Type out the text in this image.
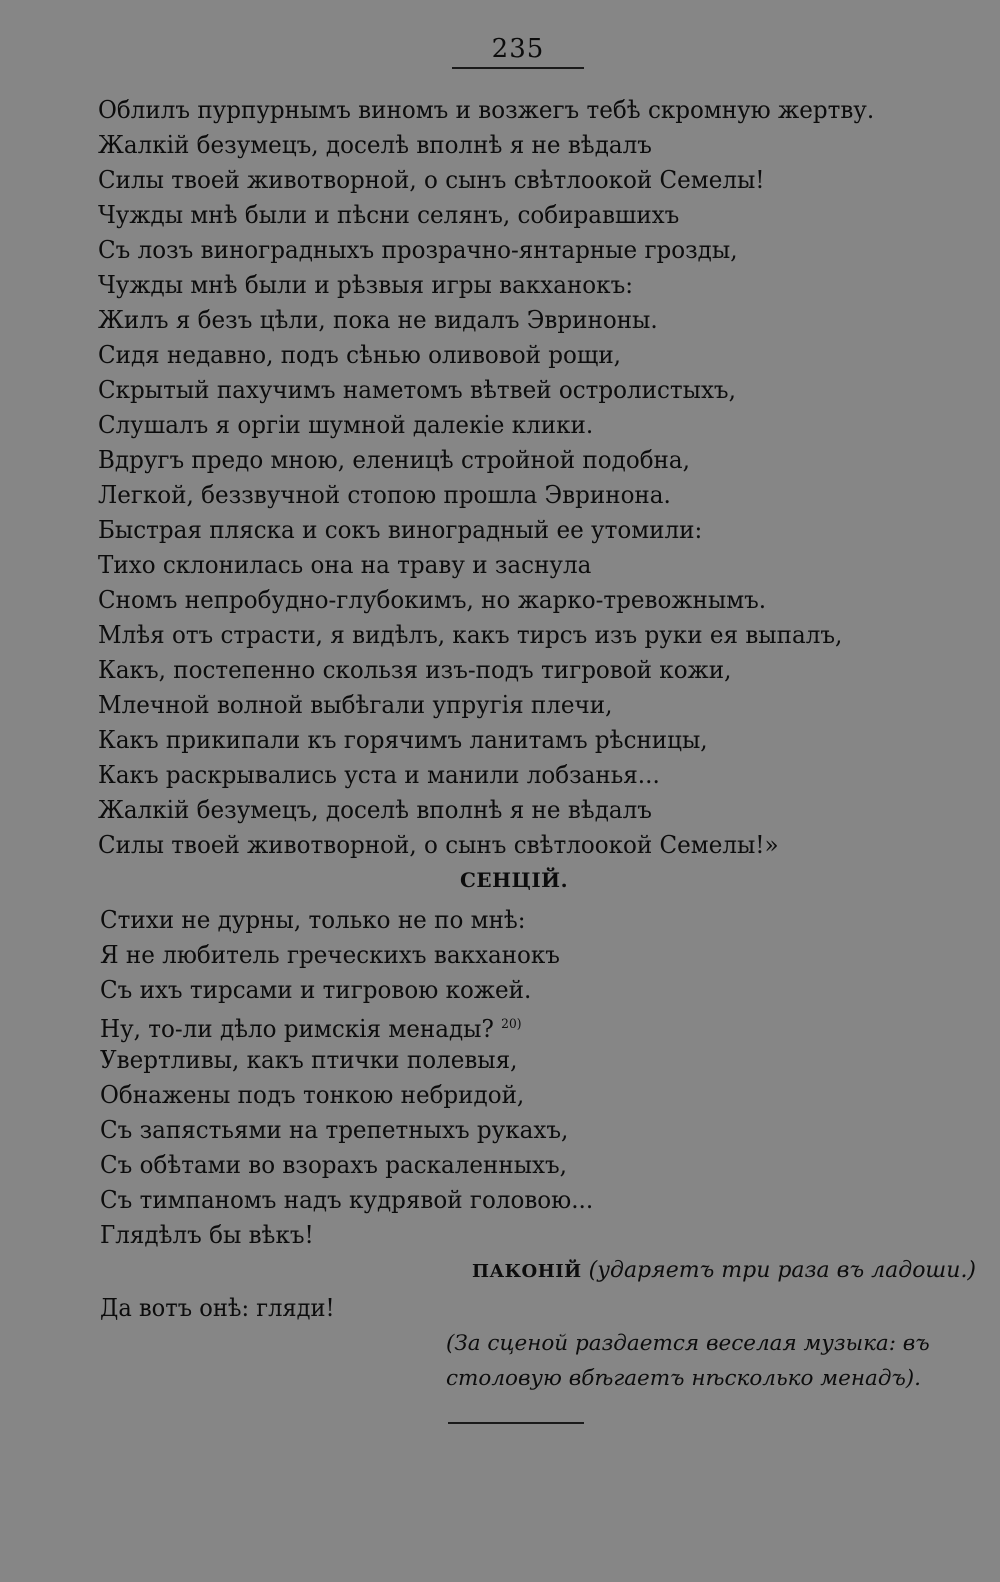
235
Облилъ пурпурнымъ виномъ и возжегъ тебѣ скромную жертву.
Жалкій безумецъ, доселѣ вполнѣ я не вѣдалъ
Силы твоей животворной, о сынъ свѣтлоокой Семелы!
Чужды мнѣ были и пѣсни селянъ, собиравшихъ
Съ лозъ виноградныхъ прозрачно-янтарные грозды,
Чужды мнѣ были и рѣзвыя игры вакханокъ:
Жилъ я безъ цѣли, пока не видалъ Эвриноны.
Сидя недавно, подъ сѣнью оливовой рощи,
Скрытый пахучимъ наметомъ вѣтвей остролистыхъ,
Слушалъ я оргіи шумной далекіе клики.
Вдругъ предо мною, еленицѣ стройной подобна,
Легкой, беззвучной стопою прошла Эвринона.
Быстрая пляска и сокъ виноградный ее утомили:
Тихо склонилась она на траву и заснула
Сномъ непробудно-глубокимъ, но жарко-тревожнымъ.
Млѣя отъ страсти, я видѣлъ, какъ тирсъ изъ руки ея выпалъ,
Какъ, постепенно скользя изъ-подъ тигровой кожи,
Млечной волной выбѣгали упругія плечи,
Какъ прикипали къ горячимъ ланитамъ рѣсницы,
Какъ раскрывались уста и манили лобзанья...
Жалкій безумецъ, доселѣ вполнѣ я не вѣдалъ
Силы твоей животворной, о сынъ свѣтлоокой Семелы!»
СЕНЦІЙ.
Стихи не дурны, только не по мнѣ:
Я не любитель греческихъ вакханокъ
Съ ихъ тирсами и тигровою кожей.
Ну, то-ли дѣло римскія менады? $^{20)}$
Увертливы, какъ птички полевыя,
Обнажены подъ тонкою небридой,
Съ запястьями на трепетныхъ рукахъ,
Съ обѣтами во взорахъ раскаленныхъ,
Съ тимпаномъ надъ кудрявой головою...
Глядѣлъ бы вѣкъ!
ПАКОНІЙ (ударяетъ три раза въ ладоши.)
Да вотъ онѣ: гляди!
(За сценой раздается веселая музыка: въ столовую вбѣгаетъ нѣсколько менадъ).
